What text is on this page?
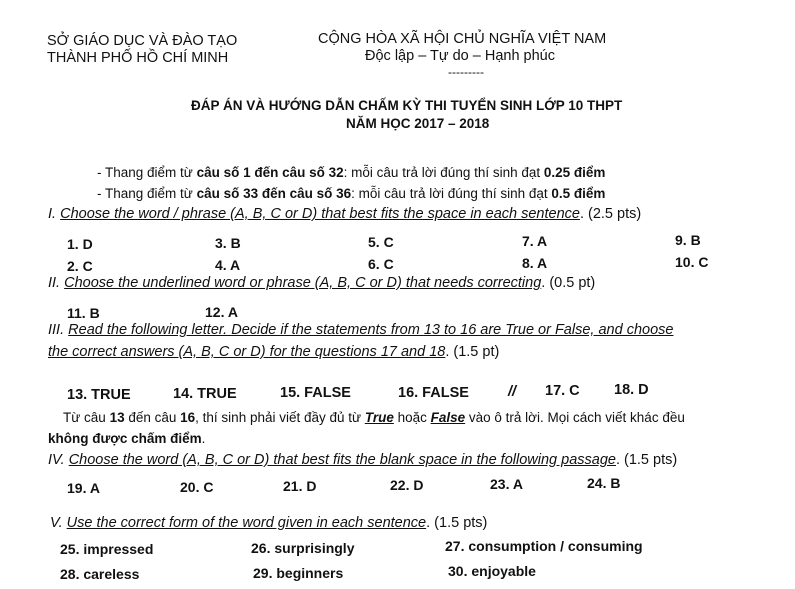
SỞ GIÁO DỤC VÀ ĐÀO TẠO
THÀNH PHỐ HỒ CHÍ MINH
CỘNG HÒA XÃ HỘI CHỦ NGHĨA VIỆT NAM
Độc lập – Tự do – Hạnh phúc
---------
ĐÁP ÁN VÀ HƯỚNG DẪN CHẤM KỲ THI TUYỂN SINH LỚP 10 THPT
NĂM HỌC 2017 – 2018
- Thang điểm từ câu số 1 đến câu số 32: mỗi câu trả lời đúng thí sinh đạt 0.25 điểm
- Thang điểm từ câu số 33 đến câu số 36: mỗi câu trả lời đúng thí sinh đạt 0.5 điểm
I. Choose the word / phrase (A, B, C or D) that best fits the space in each sentence. (2.5 pts)
1. D	3. B	5. C	7. A	9. B
2. C	4. A	6. C	8. A	10. C
II. Choose the underlined word or phrase (A, B, C or D) that needs correcting. (0.5 pt)
11. B	12. A
III. Read the following letter. Decide if the statements from 13 to 16 are True or False, and choose
the correct answers (A, B, C or D) for the questions 17 and 18. (1.5 pt)
13. TRUE	14. TRUE	15. FALSE	16. FALSE	// 17. C 18. D
Từ câu 13 đến câu 16, thí sinh phải viết đầy đủ từ True hoặc False vào ô trả lời. Mọi cách viết khác đều
không được chấm điểm.
IV. Choose the word (A, B, C or D) that best fits the blank space in the following passage. (1.5 pts)
19. A	20. C	21. D	22. D	23. A	24. B
V. Use the correct form of the word given in each sentence. (1.5 pts)
25. impressed	26. surprisingly	27. consumption / consuming
28. careless	29. beginners	30. enjoyable
